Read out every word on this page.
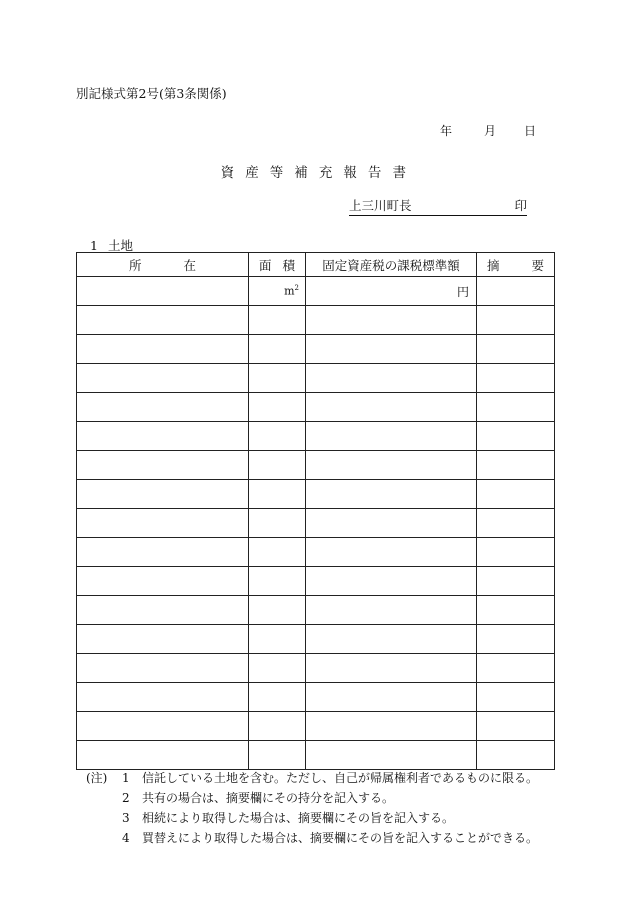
別記様式第2号(第3条関係)
年	月 日
資 産 等 補 充 報 告 書
上三川町長	印
1 土地
所 在	面 積	固定資産税の課税標準額	摘 要

	$m^2$	円	

(注)	1	信託している土地を含む。ただし、自己が帰属権利者であるものに限る。
2	共有の場合は、摘要欄にその持分を記入する。
3	相続により取得した場合は、摘要欄にその旨を記入する。
4	買替えにより取得した場合は、摘要欄にその旨を記入することができる。
